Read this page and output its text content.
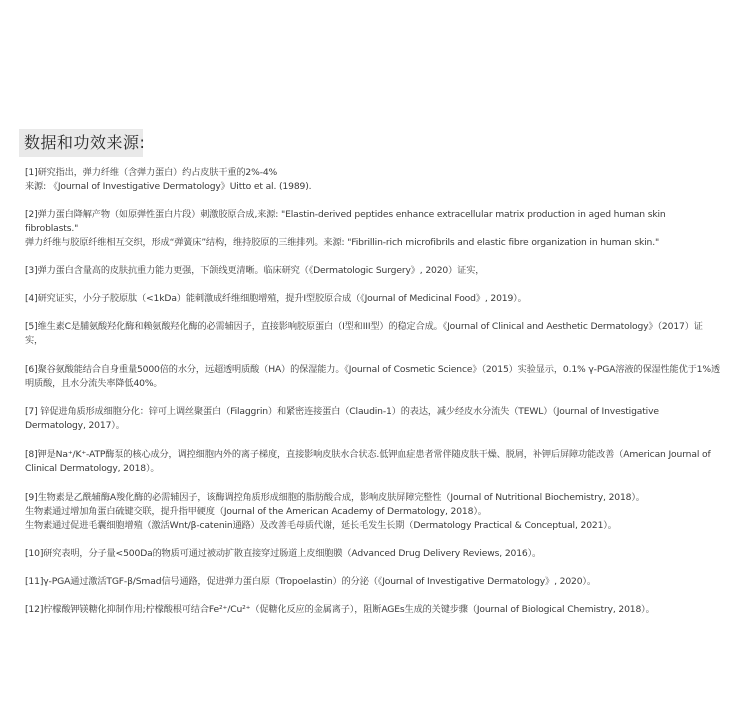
数据和功效来源:

[1]研究指出，弹力纤维（含弹力蛋白）约占皮肤干重的2%-4%

来源: 《Journal of Investigative Dermatology》Uitto et al. (1989).

[2]弹力蛋白降解产物（如原弹性蛋白片段）刺激胶原合成,来源: "Elastin-derived peptides enhance extracellular matrix production in aged human skin fibroblasts."

弹力纤维与胶原纤维相互交织，形成“弹簧床”结构，维持胶原的三维排列。来源: "Fibrillin-rich microfibrils and elastic fibre organization in human skin."

[3]弹力蛋白含量高的皮肤抗重力能力更强，下颌线更清晰。临床研究（《Dermatologic Surgery》, 2020）证实，

[4]研究证实，小分子胶原肽（<1kDa）能刺激成纤维细胞增殖，提升I型胶原合成（《Journal of Medicinal Food》, 2019）。

[5]维生素C是脯氨酸羟化酶和赖氨酸羟化酶的必需辅因子，直接影响胶原蛋白（I型和III型）的稳定合成。《Journal of Clinical and Aesthetic Dermatology》（2017）证实，

[6]聚谷氨酸能结合自身重量5000倍的水分，远超透明质酸（HA）的保湿能力。《Journal of Cosmetic Science》（2015）实验显示，0.1% γ-PGA溶液的保湿性能优于1%透明质酸，且水分流失率降低40%。

[7] 锌促进角质形成细胞分化：锌可上调丝聚蛋白（Filaggrin）和紧密连接蛋白（Claudin-1）的表达，减少经皮水分流失（TEWL）（Journal of Investigative Dermatology, 2017）。

[8]钾是Na⁺/K⁺-ATP酶泵的核心成分，调控细胞内外的离子梯度，直接影响皮肤水合状态.低钾血症患者常伴随皮肤干燥、脱屑，补钾后屏障功能改善（American Journal of Clinical Dermatology, 2018）。

[9]生物素是乙酰辅酶A羧化酶的必需辅因子，该酶调控角质形成细胞的脂肪酸合成，影响皮肤屏障完整性（Journal of Nutritional Biochemistry, 2018）。

生物素通过增加角蛋白硫键交联，提升指甲硬度（Journal of the American Academy of Dermatology, 2018）。

生物素通过促进毛囊细胞增殖（激活Wnt/β-catenin通路）及改善毛母质代谢，延长毛发生长期（Dermatology Practical & Conceptual, 2021）。

[10]研究表明，分子量<500Da的物质可通过被动扩散直接穿过肠道上皮细胞膜（Advanced Drug Delivery Reviews, 2016）。

[11]γ-PGA通过激活TGF-β/Smad信号通路，促进弹力蛋白原（Tropoelastin）的分泌（《Journal of Investigative Dermatology》, 2020）。

[12]柠檬酸钾镁糖化抑制作用;柠檬酸根可结合Fe²⁺/Cu²⁺（促糖化反应的金属离子），阻断AGEs生成的关键步骤（Journal of Biological Chemistry, 2018）。
